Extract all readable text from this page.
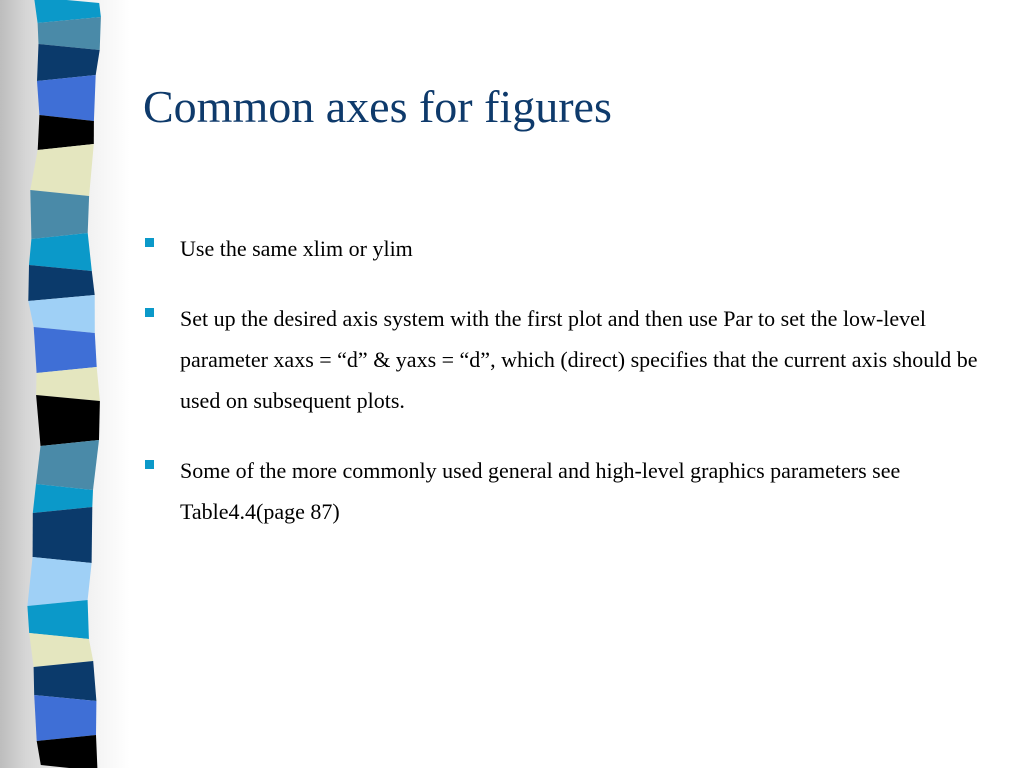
Common axes for figures
Use the same xlim or ylim
Set up the desired axis system with the first plot and then use Par to set the low-level parameter xaxs = “d” & yaxs = “d”, which (direct) specifies that the current axis should be used on subsequent plots.
Some of the more commonly used general and high-level graphics parameters see Table4.4(page 87)
